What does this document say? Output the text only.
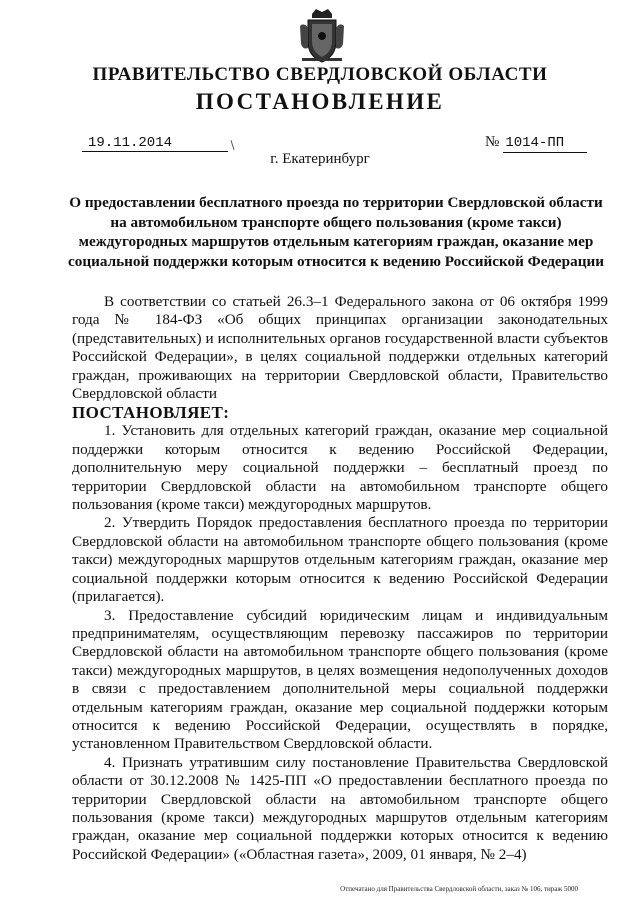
ПРАВИТЕЛЬСТВО СВЕРДЛОВСКОЙ ОБЛАСТИ
ПОСТАНОВЛЕНИЕ
19.11.2014	№ 1014-ПП
г. Екатеринбург
О предоставлении бесплатного проезда по территории Свердловской области на автомобильном транспорте общего пользования (кроме такси) междугородных маршрутов отдельным категориям граждан, оказание мер социальной поддержки которым относится к ведению Российской Федерации

В соответствии со статьей 26.3–1 Федерального закона от 06 октября 1999 года № 184-ФЗ «Об общих принципах организации законодательных (представительных) и исполнительных органов государственной власти субъектов Российской Федерации», в целях социальной поддержки отдельных категорий граждан, проживающих на территории Свердловской области, Правительство Свердловской области

ПОСТАНОВЛЯЕТ:

1. Установить для отдельных категорий граждан, оказание мер социальной поддержки которым относится к ведению Российской Федерации, дополнительную меру социальной поддержки – бесплатный проезд по территории Свердловской области на автомобильном транспорте общего пользования (кроме такси) междугородных маршрутов.

2. Утвердить Порядок предоставления бесплатного проезда по территории Свердловской области на автомобильном транспорте общего пользования (кроме такси) междугородных маршрутов отдельным категориям граждан, оказание мер социальной поддержки которым относится к ведению Российской Федерации (прилагается).

3. Предоставление субсидий юридическим лицам и индивидуальным предпринимателям, осуществляющим перевозку пассажиров по территории Свердловской области на автомобильном транспорте общего пользования (кроме такси) междугородных маршрутов, в целях возмещения недополученных доходов в связи с предоставлением дополнительной меры социальной поддержки отдельным категориям граждан, оказание мер социальной поддержки которым относится к ведению Российской Федерации, осуществлять в порядке, установленном Правительством Свердловской области.

4. Признать утратившим силу постановление Правительства Свердловской области от 30.12.2008 № 1425-ПП «О предоставлении бесплатного проезда по территории Свердловской области на автомобильном транспорте общего пользования (кроме такси) междугородных маршрутов отдельным категориям граждан, оказание мер социальной поддержки которых относится к ведению Российской Федерации» («Областная газета», 2009, 01 января, № 2–4)

Отпечатано для Правительства Свердловской области, заказ № 106, тираж 5000
